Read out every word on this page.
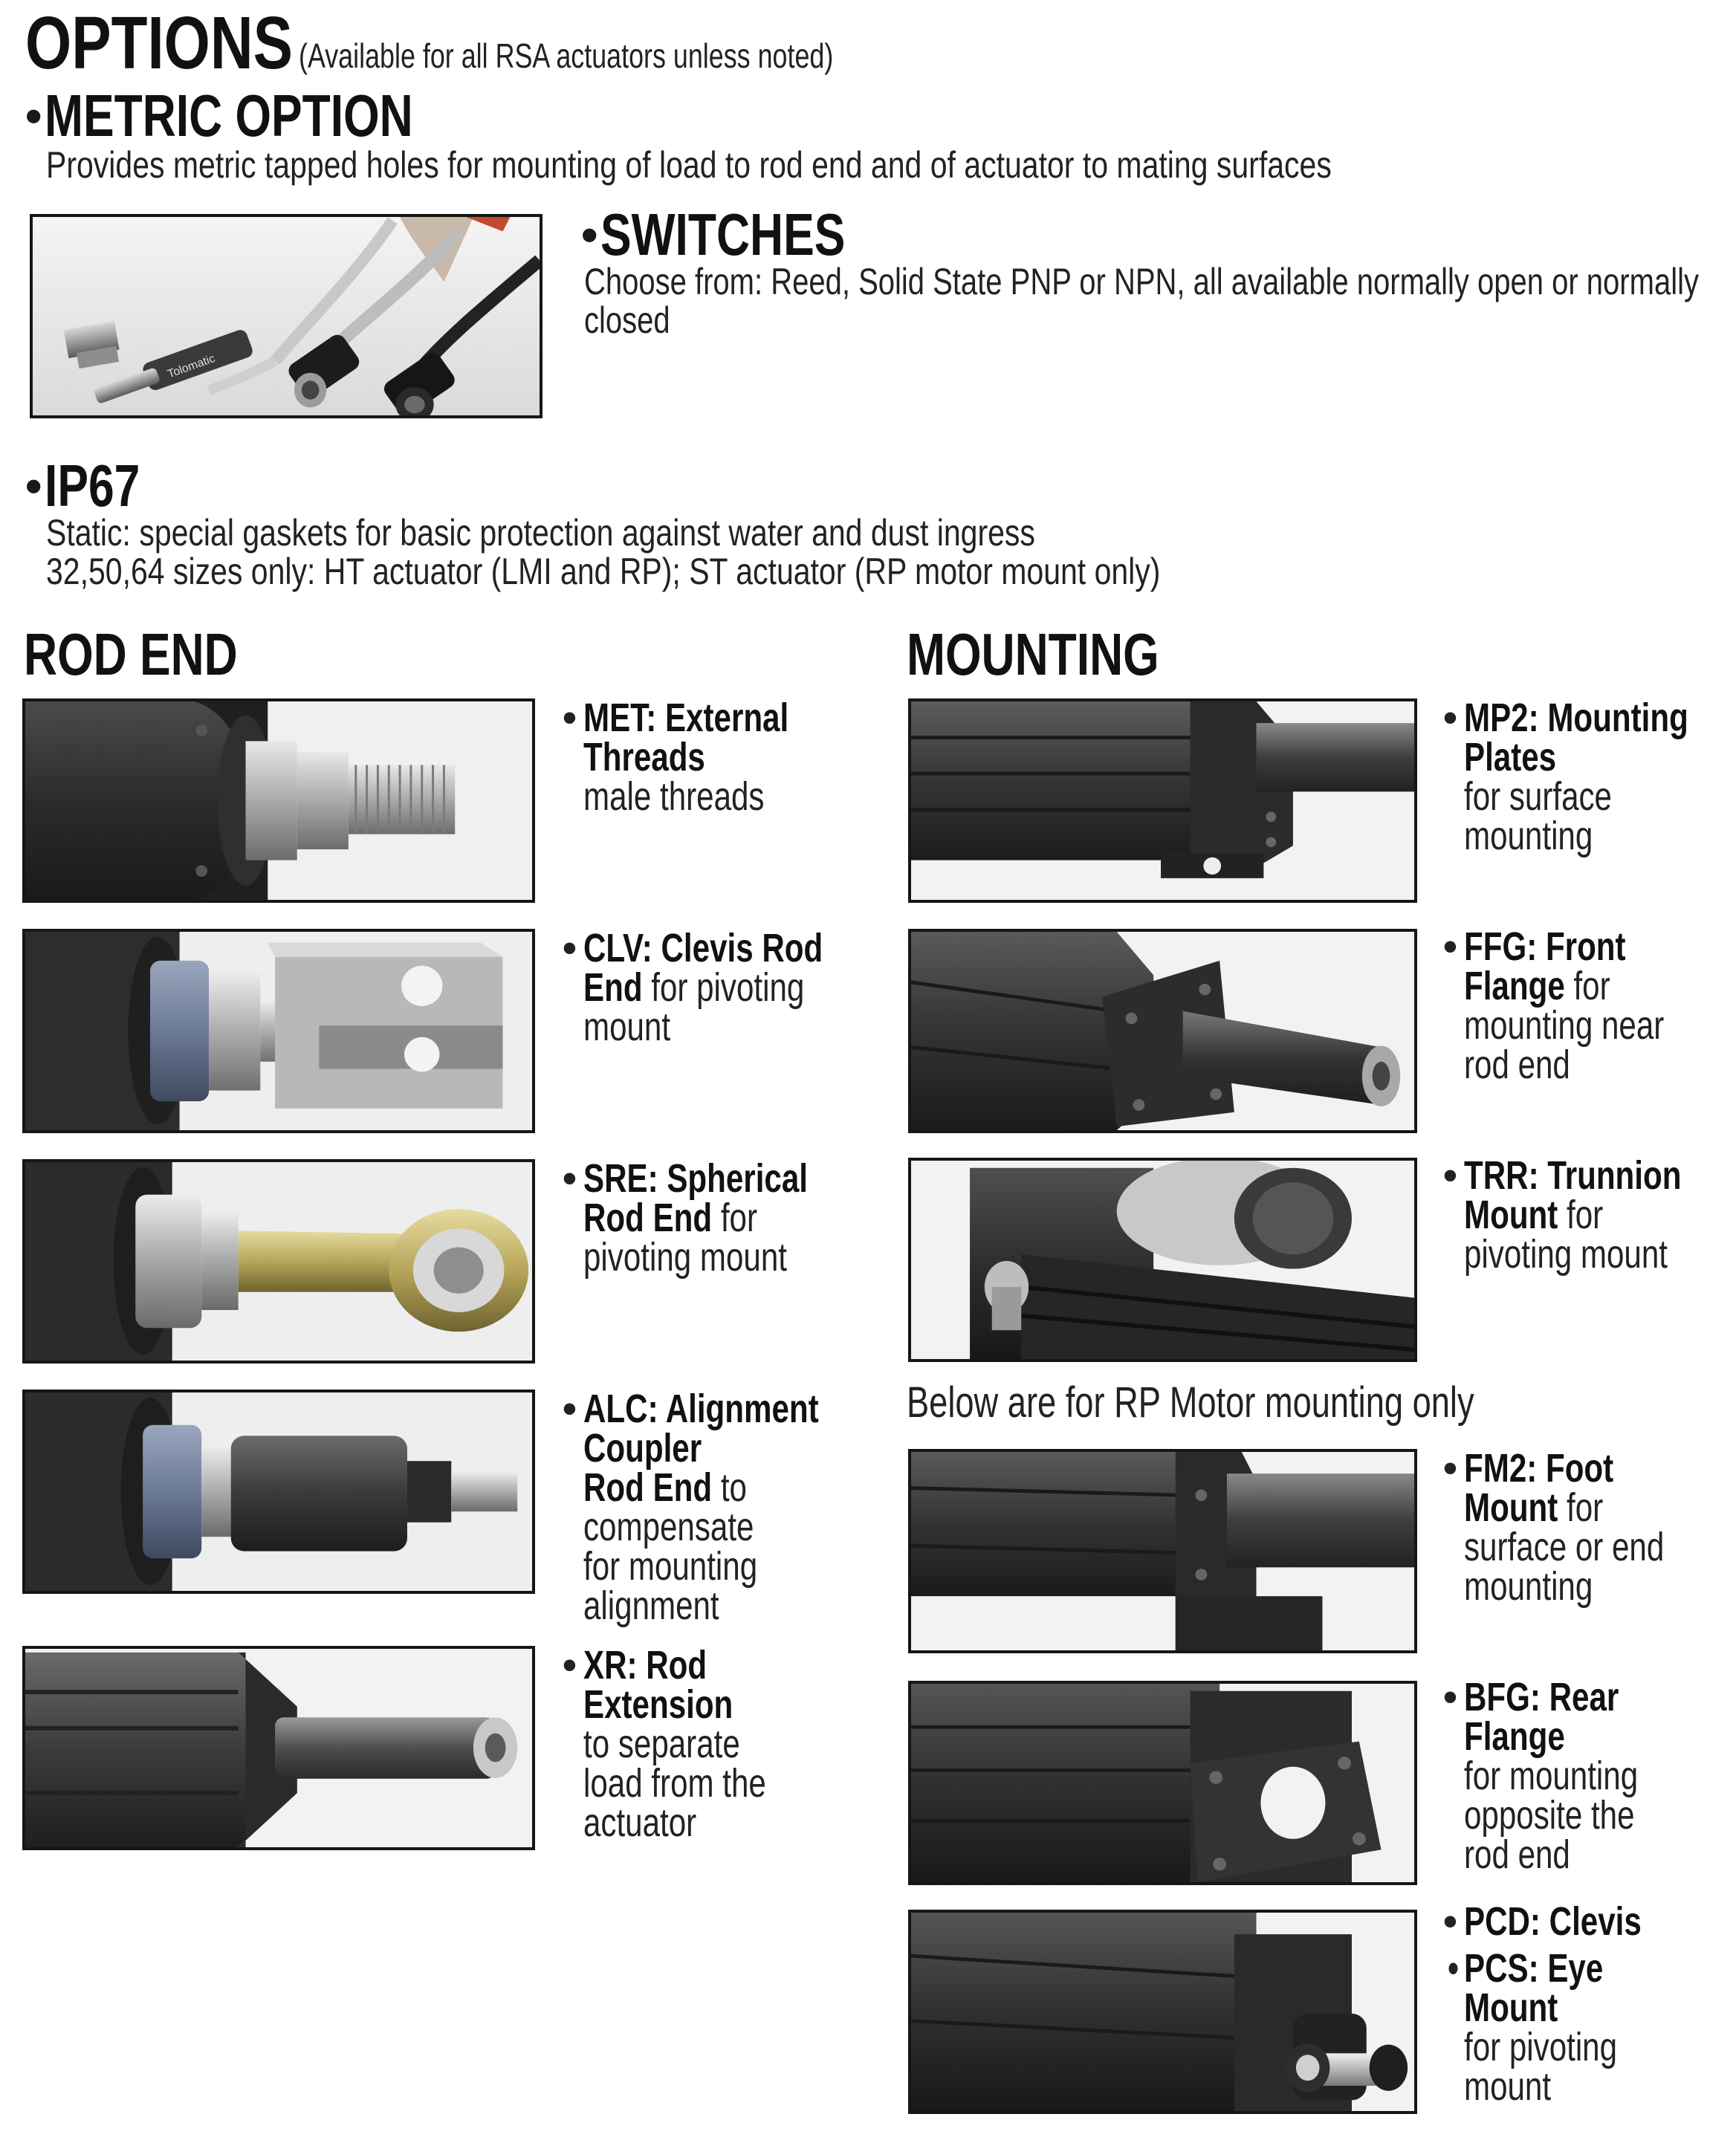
OPTIONS (Available for all RSA actuators unless noted)
•METRIC OPTION
Provides metric tapped holes for mounting of load to rod end and of actuator to mating surfaces
Tolomatic
•SWITCHES
Choose from: Reed, Solid State PNP or NPN, all available normally open or normally
closed
•IP67
Static: special gaskets for basic protection against water and dust ingress
32,50,64 sizes only: HT actuator (LMI and RP); ST actuator (RP motor mount only)
ROD END	MOUNTING
• MET: External
Threads
male threads
• CLV: Clevis Rod
End for pivoting
mount
• SRE: Spherical
Rod End for
pivoting mount
• ALC: Alignment
Coupler
Rod End to
compensate
for mounting
alignment
• XR: Rod
Extension
to separate
load from the
actuator
Below are for RP Motor mounting only
• MP2: Mounting
Plates
for surface
mounting
• FFG: Front
Flange for
mounting near
rod end
• TRR: Trunnion
Mount for
pivoting mount
• FM2: Foot
Mount for
surface or end
mounting
• BFG: Rear
Flange
for mounting
opposite the
rod end
• PCD: Clevis
• PCS: Eye
Mount
for pivoting
mount
